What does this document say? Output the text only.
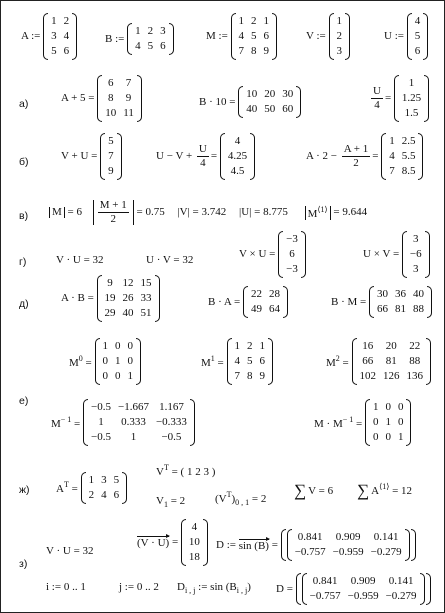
A :=
1 2
3 4
5 6
B :=
1 2 3
4 5 6
M :=
1 2 1
4 5 6
7 8 9
V :=
1
2
3
U :=
4
5
6
а)	A + 5 =
6 7
8 9
10 11
B · 10 =
10 20 30
40 50 60	$\frac{U}{4}$ =
1
1.25
1.5
б)	V + U =
5
7
9
$U - V + \frac{U}{4}$ =
4
4.25
4.5
$A \cdot 2 - \frac{A + 1}{2}$ =
1 2.5
4 5.5
7 8.5
в) $M = 6 \frac{M + 1}{2} = 0.75$ |V| = 3.742 |U| = 8.775 $M^{⟨1⟩} = 9.644$
г)	V · U = 32	U · V = 32	V × U =
−3
6
−3
U × V =
3
−6
3
д)	A · B =
9 12 15
19 26 33
29 40 51
B · A =
22 28
49 64
B · M =
30 36 40
66 81 88
$M^0$ =
1 0 0
0 1 0
0 0 1
$M^1$ =
1 2 1
4 5 6
7 8 9
$M^2$ =
16 20 22
66 81 88
102 126 136
е)
$M^{- 1}$ =
−0.5 −1.667 1.167
1	0.333 −0.333
−0.5	1	−0.5
$M \cdot M^{- 1}$ =
1 0 0
0 1 0
0 0 1
ж) $A^T$ =
1 3 5
2 4 6
$V^T$ = ( 1 2 3 )
$V_1 = 2$	$(V^T)_{0 , 1} = 2$ ∑ V = 6 ∑ $A^{⟨1⟩} = 12$
з)
V · U = 32
(V · U) =
4
10
18
D := sin (B) =
0.841 0.909 0.141
−0.757 −0.959 −0.279
i := 0 .. 1	j := 0 .. 2 $D_{i , j}$ := $\sin (B_{i , j}) D$ =
0.841 0.909 0.141
−0.757 −0.959 −0.279
